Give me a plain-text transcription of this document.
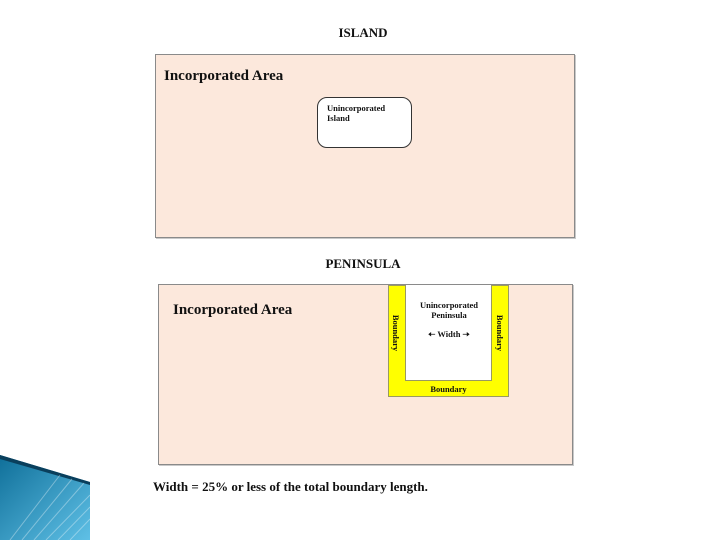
ISLAND
Incorporated Area
Unincorporated Island
PENINSULA
Incorporated Area	Unincorporated Peninsula
🠠 Width 🠢
Boundary	Boundary
Boundary
Width = 25% or less of the total boundary length.
